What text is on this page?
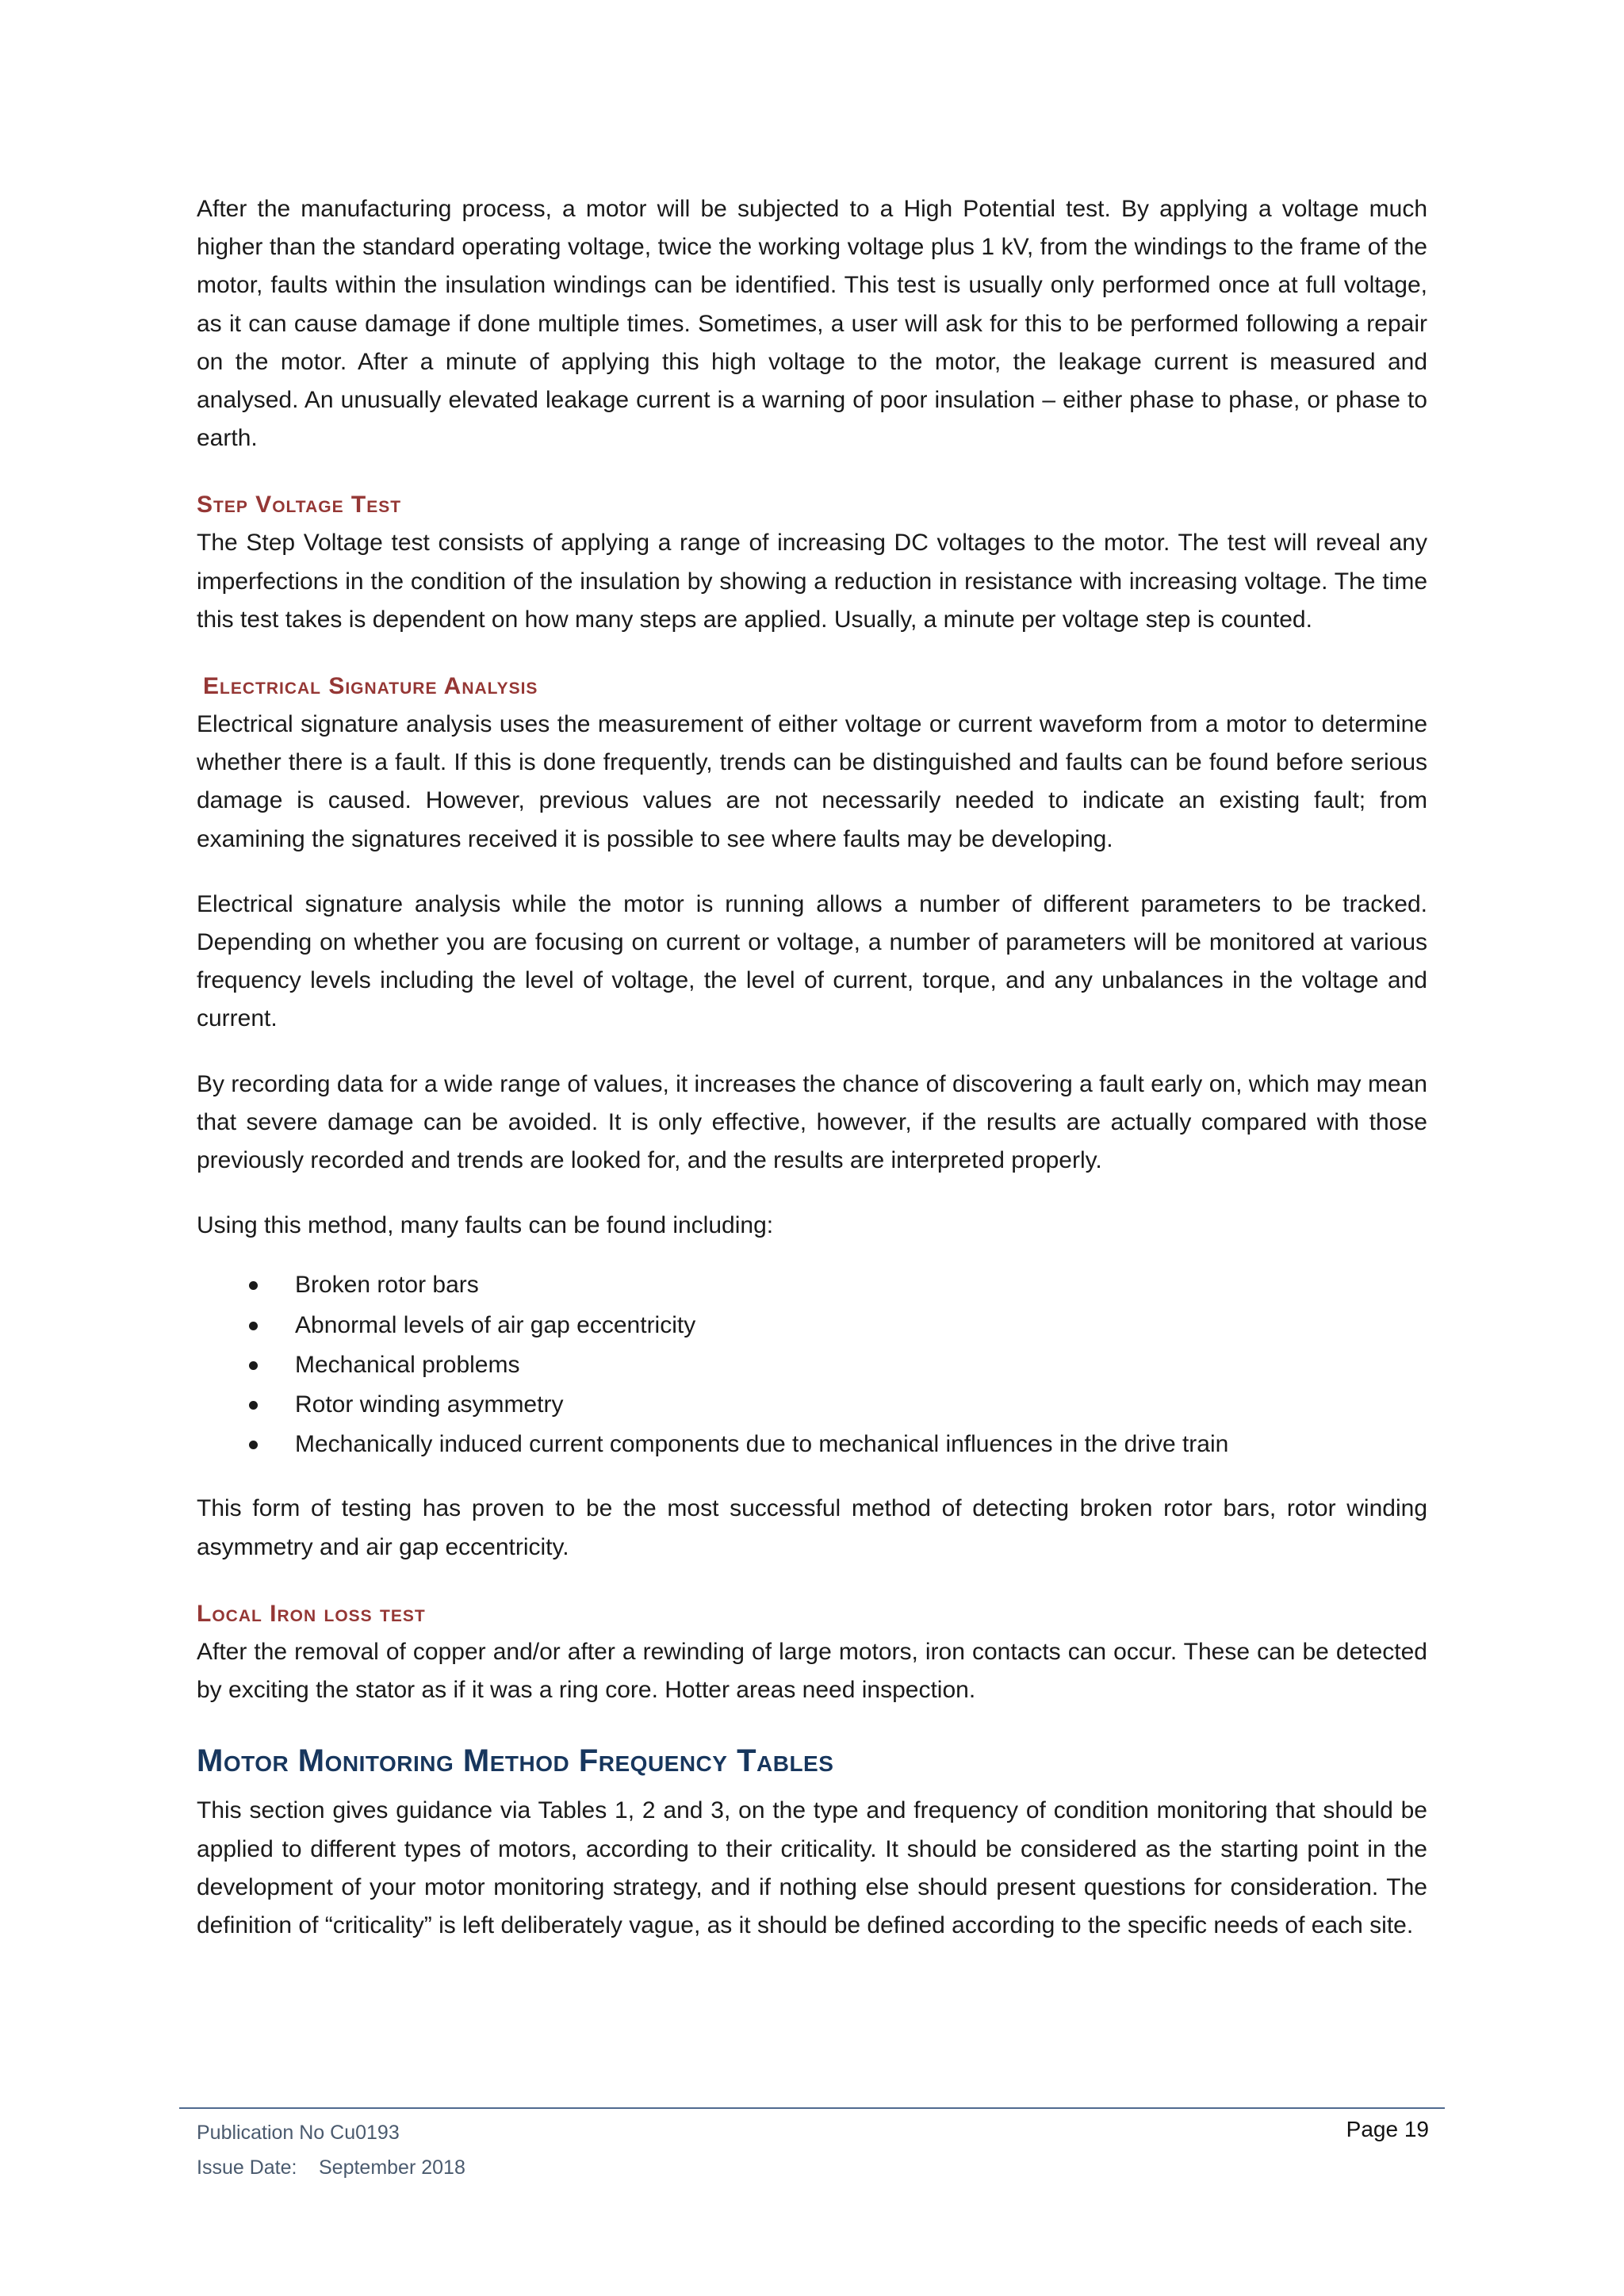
After the manufacturing process, a motor will be subjected to a High Potential test. By applying a voltage much higher than the standard operating voltage, twice the working voltage plus 1 kV, from the windings to the frame of the motor, faults within the insulation windings can be identified. This test is usually only performed once at full voltage, as it can cause damage if done multiple times. Sometimes, a user will ask for this to be performed following a repair on the motor. After a minute of applying this high voltage to the motor, the leakage current is measured and analysed. An unusually elevated leakage current is a warning of poor insulation – either phase to phase, or phase to earth.

Step Voltage Test

The Step Voltage test consists of applying a range of increasing DC voltages to the motor. The test will reveal any imperfections in the condition of the insulation by showing a reduction in resistance with increasing voltage. The time this test takes is dependent on how many steps are applied. Usually, a minute per voltage step is counted.

Electrical Signature Analysis

Electrical signature analysis uses the measurement of either voltage or current waveform from a motor to determine whether there is a fault. If this is done frequently, trends can be distinguished and faults can be found before serious damage is caused. However, previous values are not necessarily needed to indicate an existing fault; from examining the signatures received it is possible to see where faults may be developing.

Electrical signature analysis while the motor is running allows a number of different parameters to be tracked. Depending on whether you are focusing on current or voltage, a number of parameters will be monitored at various frequency levels including the level of voltage, the level of current, torque, and any unbalances in the voltage and current.

By recording data for a wide range of values, it increases the chance of discovering a fault early on, which may mean that severe damage can be avoided. It is only effective, however, if the results are actually compared with those previously recorded and trends are looked for, and the results are interpreted properly.

Using this method, many faults can be found including:

Broken rotor bars
Abnormal levels of air gap eccentricity
Mechanical problems
Rotor winding asymmetry
Mechanically induced current components due to mechanical influences in the drive train

This form of testing has proven to be the most successful method of detecting broken rotor bars, rotor winding asymmetry and air gap eccentricity.

Local Iron loss test

After the removal of copper and/or after a rewinding of large motors, iron contacts can occur. These can be detected by exciting the stator as if it was a ring core. Hotter areas need inspection.

Motor Monitoring Method Frequency Tables

This section gives guidance via Tables 1, 2 and 3, on the type and frequency of condition monitoring that should be applied to different types of motors, according to their criticality. It should be considered as the starting point in the development of your motor monitoring strategy, and if nothing else should present questions for consideration. The definition of “criticality” is left deliberately vague, as it should be defined according to the specific needs of each site.

Publication No Cu0193
Issue Date: September 2018
Page 19
